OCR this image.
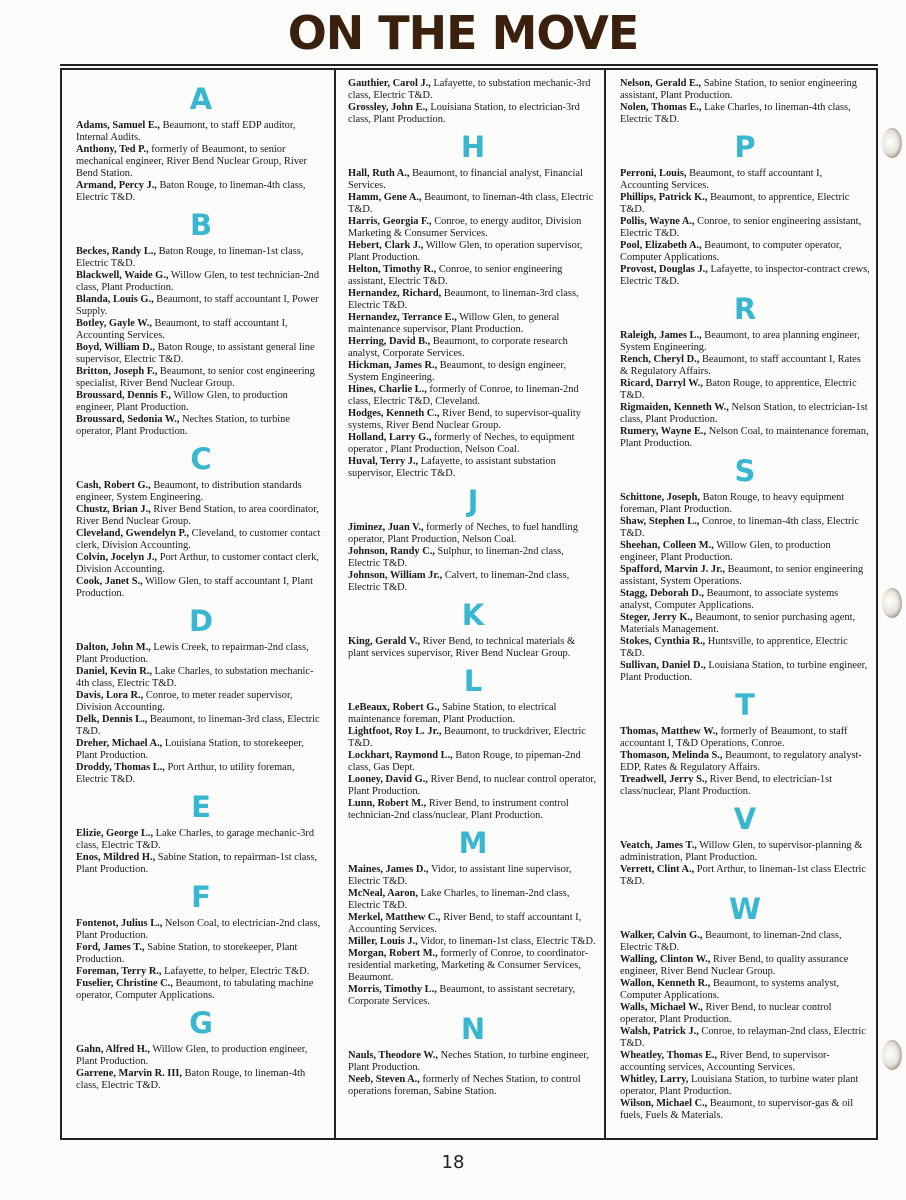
ON THE MOVE
A

Adams, Samuel E., Beaumont, to staff EDP auditor, Internal Audits.

Anthony, Ted P., formerly of Beaumont, to senior mechanical engineer, River Bend Nuclear Group, River Bend Station.

Armand, Percy J., Baton Rouge, to lineman-4th class, Electric T&D.

B

Beckes, Randy L., Baton Rouge, to lineman-1st class, Electric T&D.

Blackwell, Waide G., Willow Glen, to test technician-2nd class, Plant Production.

Blanda, Louis G., Beaumont, to staff accountant I, Power Supply.

Botley, Gayle W., Beaumont, to staff accountant I, Accounting Services.

Boyd, William D., Baton Rouge, to assistant general line supervisor, Electric T&D.

Britton, Joseph F., Beaumont, to senior cost engineering specialist, River Bend Nuclear Group.

Broussard, Dennis F., Willow Glen, to production engineer, Plant Production.

Broussard, Sedonia W., Neches Station, to turbine operator, Plant Production.

C

Cash, Robert G., Beaumont, to distribution standards engineer, System Engineering.

Chustz, Brian J., River Bend Station, to area coordinator, River Bend Nuclear Group.

Cleveland, Gwendelyn P., Cleveland, to customer contact clerk, Division Accounting.

Colvin, Jocelyn J., Port Arthur, to customer contact clerk, Division Accounting.

Cook, Janet S., Willow Glen, to staff accountant I, Plant Production.

D

Dalton, John M., Lewis Creek, to repairman-2nd class, Plant Production.

Daniel, Kevin R., Lake Charles, to substation mechanic-4th class, Electric T&D.

Davis, Lora R., Conroe, to meter reader supervisor, Division Accounting.

Delk, Dennis L., Beaumont, to lineman-3rd class, Electric T&D.

Dreher, Michael A., Louisiana Station, to storekeeper, Plant Production.

Droddy, Thomas L., Port Arthur, to utility foreman, Electric T&D.

E

Elizie, George L., Lake Charles, to garage mechanic-3rd class, Electric T&D.

Enos, Mildred H., Sabine Station, to repairman-1st class, Plant Production.

F

Fontenot, Julius L., Nelson Coal, to electrician-2nd class, Plant Production.

Ford, James T., Sabine Station, to storekeeper, Plant Production.

Foreman, Terry R., Lafayette, to helper, Electric T&D.

Fuselier, Christine C., Beaumont, to tabulating machine operator, Computer Applications.

G

Gahn, Alfred H., Willow Glen, to production engineer, Plant Production.

Garrene, Marvin R. III, Baton Rouge, to lineman-4th class, Electric T&D.

Gauthier, Carol J., Lafayette, to substation mechanic-3rd class, Electric T&D.

Grossley, John E., Louisiana Station, to electrician-3rd class, Plant Production.

H

Hall, Ruth A., Beaumont, to financial analyst, Financial Services.

Hamm, Gene A., Beaumont, to lineman-4th class, Electric T&D.

Harris, Georgia F., Conroe, to energy auditor, Division Marketing & Consumer Services.

Hebert, Clark J., Willow Glen, to operation supervisor, Plant Production.

Helton, Timothy R., Conroe, to senior engineering assistant, Electric T&D.

Hernandez, Richard, Beaumont, to lineman-3rd class, Electric T&D.

Hernandez, Terrance E., Willow Glen, to general maintenance supervisor, Plant Production.

Herring, David B., Beaumont, to corporate research analyst, Corporate Services.

Hickman, James R., Beaumont, to design engineer, System Engineering.

Hines, Charlie L., formerly of Conroe, to lineman-2nd class, Electric T&D, Cleveland.

Hodges, Kenneth C., River Bend, to supervisor-quality systems, River Bend Nuclear Group.

Holland, Larry G., formerly of Neches, to equipment operator , Plant Production, Nelson Coal.

Huval, Terry J., Lafayette, to assistant substation supervisor, Electric T&D.

J

Jiminez, Juan V., formerly of Neches, to fuel handling operator, Plant Production, Nelson Coal.

Johnson, Randy C., Sulphur, to lineman-2nd class, Electric T&D.

Johnson, William Jr., Calvert, to lineman-2nd class, Electric T&D.

K

King, Gerald V., River Bend, to technical materials & plant services supervisor, River Bend Nuclear Group.

L

LeBeaux, Robert G., Sabine Station, to electrical maintenance foreman, Plant Production.

Lightfoot, Roy L. Jr., Beaumont, to truckdriver, Electric T&D.

Lockhart, Raymond L., Baton Rouge, to pipeman-2nd class, Gas Dept.

Looney, David G., River Bend, to nuclear control operator, Plant Production.

Lunn, Robert M., River Bend, to instrument control technician-2nd class/nuclear, Plant Production.

M

Maines, James D., Vidor, to assistant line supervisor, Electric T&D.

McNeal, Aaron, Lake Charles, to lineman-2nd class, Electric T&D.

Merkel, Matthew C., River Bend, to staff accountant I, Accounting Services.

Miller, Louis J., Vidor, to lineman-1st class, Electric T&D.

Morgan, Robert M., formerly of Conroe, to coordinator-residential marketing, Marketing & Consumer Services, Beaumont.

Morris, Timothy L., Beaumont, to assistant secretary, Corporate Services.

N

Nauls, Theodore W., Neches Station, to turbine engineer, Plant Production.

Neeb, Steven A., formerly of Neches Station, to control operations foreman, Sabine Station.

Nelson, Gerald E., Sabine Station, to senior engineering assistant, Plant Production.

Nolen, Thomas E., Lake Charles, to lineman-4th class, Electric T&D.

P

Perroni, Louis, Beaumont, to staff accountant I, Accounting Services.

Phillips, Patrick K., Beaumont, to apprentice, Electric T&D.

Pollis, Wayne A., Conroe, to senior engineering assistant, Electric T&D.

Pool, Elizabeth A., Beaumont, to computer operator, Computer Applications.

Provost, Douglas J., Lafayette, to inspector-contract crews, Electric T&D.

R

Raleigh, James L., Beaumont, to area planning engineer, System Engineering.

Rench, Cheryl D., Beaumont, to staff accountant I, Rates & Regulatory Affairs.

Ricard, Darryl W., Baton Rouge, to apprentice, Electric T&D.

Rigmaiden, Kenneth W., Nelson Station, to electrician-1st class, Plant Production.

Rumery, Wayne E., Nelson Coal, to maintenance foreman, Plant Production.

S

Schittone, Joseph, Baton Rouge, to heavy equipment foreman, Plant Production.

Shaw, Stephen L., Conroe, to lineman-4th class, Electric T&D.

Sheehan, Colleen M., Willow Glen, to production engineer, Plant Production.

Spafford, Marvin J. Jr., Beaumont, to senior engineering assistant, System Operations.

Stagg, Deborah D., Beaumont, to associate systems analyst, Computer Applications.

Steger, Jerry K., Beaumont, to senior purchasing agent, Materials Management.

Stokes, Cynthia R., Huntsville, to apprentice, Electric T&D.

Sullivan, Daniel D., Louisiana Station, to turbine engineer, Plant Production.

T

Thomas, Matthew W., formerly of Beaumont, to staff accountant I, T&D Operations, Conroe.

Thomason, Melinda S., Beaumont, to regulatory analyst-EDP, Rates & Regulatory Affairs.

Treadwell, Jerry S., River Bend, to electrician-1st class/nuclear, Plant Production.

V

Veatch, James T., Willow Glen, to supervisor-planning & administration, Plant Production.

Verrett, Clint A., Port Arthur, to lineman-1st class Electric T&D.

W

Walker, Calvin G., Beaumont, to lineman-2nd class, Electric T&D.

Walling, Clinton W., River Bend, to quality assurance engineer, River Bend Nuclear Group.

Wallon, Kenneth R., Beaumont, to systems analyst, Computer Applications.

Walls, Michael W., River Bend, to nuclear control operator, Plant Production.

Walsh, Patrick J., Conroe, to relayman-2nd class, Electric T&D.

Wheatley, Thomas E., River Bend, to supervisor-accounting services, Accounting Services.

Whitley, Larry, Louisiana Station, to turbine water plant operator, Plant Production.

Wilson, Michael C., Beaumont, to supervisor-gas & oil fuels, Fuels & Materials.

18
